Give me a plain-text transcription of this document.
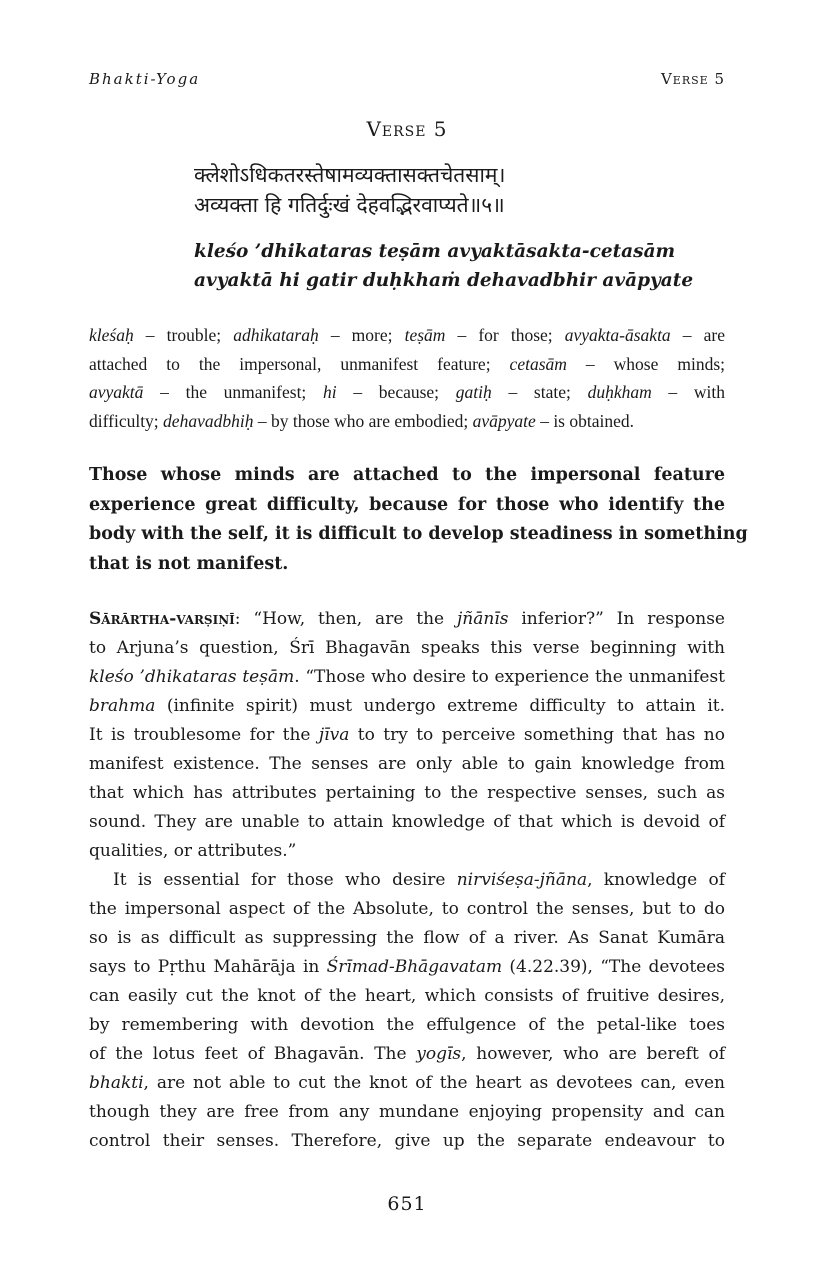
Bhakti-Yoga	Verse 5
Verse 5
क्लेशोऽधिकतरस्तेषामव्यक्तासक्तचेतसाम्।
अव्यक्ता हि गतिर्दुःखं देहवद्भिरवाप्यते॥५॥
kleśo ’dhikataras teṣām avyaktāsakta-cetasām
avyaktā hi gatir duḥkhaṁ dehavadbhir avāpyate
kleśaḥ – trouble; adhikataraḥ – more; teṣām – for those; avyakta-āsakta – are
attached to the impersonal, unmanifest feature; cetasām – whose minds;
avyaktā – the unmanifest; hi – because; gatiḥ – state; duḥkham – with
difficulty; dehavadbhiḥ – by those who are embodied; avāpyate – is obtained.
Those whose minds are attached to the impersonal feature
experience great difficulty, because for those who identify the
body with the self, it is difficult to develop steadiness in something
that is not manifest.
Sārārtha-varṣiṇī: “How, then, are the jñānīs inferior?” In response
to Arjuna’s question, Śrī Bhagavān speaks this verse beginning with
kleśo ’dhikataras teṣām. “Those who desire to experience the unmanifest
brahma (infinite spirit) must undergo extreme difficulty to attain it.
It is troublesome for the jīva to try to perceive something that has no
manifest existence. The senses are only able to gain knowledge from
that which has attributes pertaining to the respective senses, such as
sound. They are unable to attain knowledge of that which is devoid of
qualities, or attributes.”
It is essential for those who desire nirviśeṣa-jñāna, knowledge of
the impersonal aspect of the Absolute, to control the senses, but to do
so is as difficult as suppressing the flow of a river. As Sanat Kumāra
says to Pṛthu Mahārāja in Śrīmad-Bhāgavatam (4.22.39), “The devotees
can easily cut the knot of the heart, which consists of fruitive desires,
by remembering with devotion the effulgence of the petal-like toes
of the lotus feet of Bhagavān. The yogīs, however, who are bereft of
bhakti, are not able to cut the knot of the heart as devotees can, even
though they are free from any mundane enjoying propensity and can
control their senses. Therefore, give up the separate endeavour to
651
